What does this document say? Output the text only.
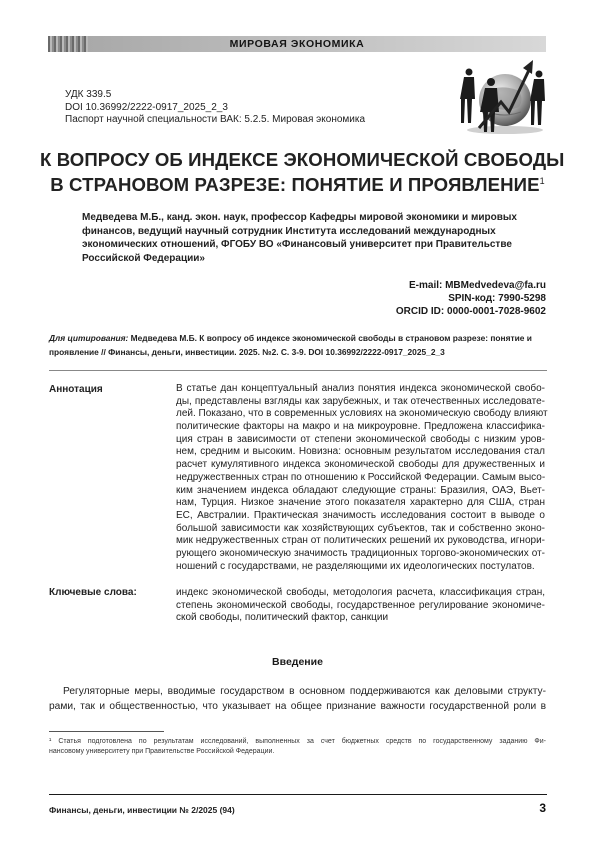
МИРОВАЯ ЭКОНОМИКА
УДК 339.5
DOI 10.36992/2222-0917_2025_2_3
Паспорт научной специальности ВАК: 5.2.5. Мировая экономика
К ВОПРОСУ ОБ ИНДЕКСЕ ЭКОНОМИЧЕСКОЙ СВОБОДЫ
В СТРАНОВОМ РАЗРЕЗЕ: ПОНЯТИЕ И ПРОЯВЛЕНИЕ$^1$
Медведева М.Б., канд. экон. наук, профессор Кафедры мировой экономики и мировых
финансов, ведущий научный сотрудник Института исследований международных
экономических отношений, ФГОБУ ВО «Финансовый университет при Правительстве
Российской Федерации»
E-mail: MBMedvedeva@fa.ru
SPIN-код: 7990-5298
ORCID ID: 0000-0001-7028-9602
Для цитирования: Медведева М.Б. К вопросу об индексе экономической свободы в страновом разрезе: понятие и
проявление // Финансы, деньги, инвестиции. 2025. №2. С. 3-9. DOI 10.36992/2222-0917_2025_2_3
Аннотация	В статье дан концептуальный анализ понятия индекса экономической свобо-
ды, представлены взгляды как зарубежных, и так отечественных исследовате-
лей. Показано, что в современных условиях на экономическую свободу влияют
политические факторы на макро и на микроуровне. Предложена классифика-
ция стран в зависимости от степени экономической свободы с низким уров-
нем, средним и высоким. Новизна: основным результатом исследования стал
расчет кумулятивного индекса экономической свободы для дружественных и
недружественных стран по отношению к Российской Федерации. Самым высо-
ким значением индекса обладают следующие страны: Бразилия, ОАЭ, Вьет-
нам, Турция. Низкое значение этого показателя характерно для США, стран
ЕС, Австралии. Практическая значимость исследования состоит в выводе о
большой зависимости как хозяйствующих субъектов, так и собственно эконо-
мик недружественных стран от политических решений их руководства, игнори-
рующего экономическую значимость традиционных торгово-экономических от-
ношений с государствами, не разделяющими их идеологических постулатов.
Ключевые слова:	индекс экономической свободы, методология расчета, классификация стран,
степень экономической свободы, государственное регулирование экономиче-
ской свободы, политический фактор, санкции
Введение
Регуляторные меры, вводимые государством в основном поддерживаются как деловыми структу-
рами, так и общественностью, что указывает на общее признание важности государственной роли в
¹ Статья подготовлена по результатам исследований, выполненных за счет бюджетных средств по государственному заданию Фи-
нансовому университету при Правительстве Российской Федерации.
Финансы, деньги, инвестиции № 2/2025 (94)	3
